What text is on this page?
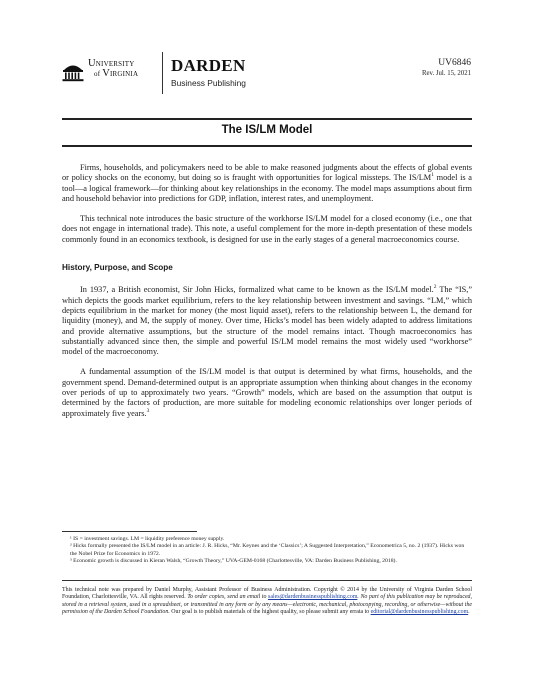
University
of Virginia DARDEN
Business Publishing
UV6846
Rev. Jul. 15, 2021
The IS/LM Model

Firms, households, and policymakers need to be able to make reasoned judgments about the effects of global events or policy shocks on the economy, but doing so is fraught with opportunities for logical missteps. The $IS/LM^1$ model is a tool—a logical framework—for thinking about key relationships in the economy. The model maps assumptions about firm and household behavior into predictions for GDP, inflation, interest rates, and unemployment.

This technical note introduces the basic structure of the workhorse IS/LM model for a closed economy (i.e., one that does not engage in international trade). This note, a useful complement for the more in-depth presentation of these models commonly found in an economics textbook, is designed for use in the early stages of a general macroeconomics course.

History, Purpose, and Scope

In 1937, a British economist, Sir John Hicks, formalized what came to be known as the IS/LM model.$^2$ The “IS,” which depicts the goods market equilibrium, refers to the key relationship between investment and savings. “LM,” which depicts equilibrium in the market for money (the most liquid asset), refers to the relationship between L, the demand for liquidity (money), and M, the supply of money. Over time, Hicks’s model has been widely adapted to address limitations and provide alternative assumptions, but the structure of the model remains intact. Though macroeconomics has substantially advanced since then, the simple and powerful IS/LM model remains the most widely used “workhorse” model of the macroeconomy.

A fundamental assumption of the IS/LM model is that output is determined by what firms, households, and the government spend. Demand-determined output is an appropriate assumption when thinking about changes in the economy over periods of up to approximately two years. “Growth” models, which are based on the assumption that output is determined by the factors of production, are more suitable for modeling economic relationships over longer periods of approximately five years.$^3$

¹ IS = investment savings. LM = liquidity preference money supply.
² Hicks formally presented the IS/LM model in an article: J. R. Hicks, “Mr. Keynes and the ‘Classics’; A Suggested Interpretation,” Econometrica 5, no. 2 (1937). Hicks won the Nobel Prize for Economics in 1972.
³ Economic growth is discussed in Kieran Walsh, “Growth Theory,” UVA-GEM-0168 (Charlottesville, VA: Darden Business Publishing, 2018).
This technical note was prepared by Daniel Murphy, Assistant Professor of Business Administration. Copyright © 2014 by the University of Virginia Darden School Foundation, Charlottesville, VA. All rights reserved. To order copies, send an email to sales@dardenbusinesspublishing.com. No part of this publication may be reproduced, stored in a retrieval system, used in a spreadsheet, or transmitted in any form or by any means—electronic, mechanical, photocopying, recording, or otherwise—without the permission of the Darden School Foundation. Our goal is to publish materials of the highest quality, so please submit any errata to editorial@dardenbusinesspublishing.com.
